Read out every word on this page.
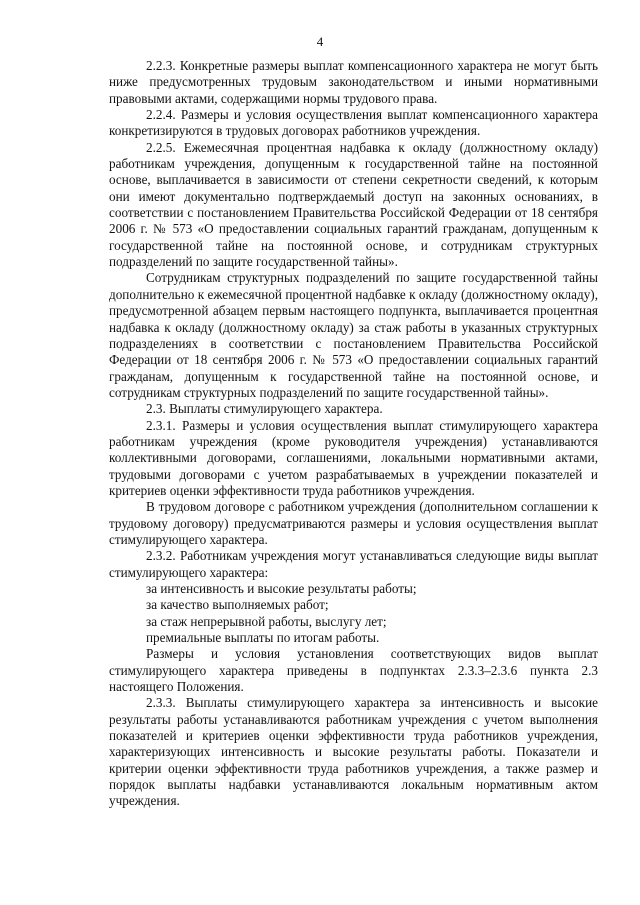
4

2.2.3. Конкретные размеры выплат компенсационного характера не могут быть ниже предусмотренных трудовым законодательством и иными нормативными правовыми актами, содержащими нормы трудового права.

2.2.4. Размеры и условия осуществления выплат компенсационного характера конкретизируются в трудовых договорах работников учреждения.

2.2.5. Ежемесячная процентная надбавка к окладу (должностному окладу) работникам учреждения, допущенным к государственной тайне на постоянной основе, выплачивается в зависимости от степени секретности сведений, к которым они имеют документально подтверждаемый доступ на законных основаниях, в соответствии с постановлением Правительства Российской Федерации от 18 сентября 2006 г. № 573 «О предоставлении социальных гарантий гражданам, допущенным к государственной тайне на постоянной основе, и сотрудникам структурных подразделений по защите государственной тайны».

Сотрудникам структурных подразделений по защите государственной тайны дополнительно к ежемесячной процентной надбавке к окладу (должностному окладу), предусмотренной абзацем первым настоящего подпункта, выплачивается процентная надбавка к окладу (должностному окладу) за стаж работы в указанных структурных подразделениях в соответствии с постановлением Правительства Российской Федерации от 18 сентября 2006 г. № 573 «О предоставлении социальных гарантий гражданам, допущенным к государственной тайне на постоянной основе, и сотрудникам структурных подразделений по защите государственной тайны».

2.3. Выплаты стимулирующего характера.

2.3.1. Размеры и условия осуществления выплат стимулирующего характера работникам учреждения (кроме руководителя учреждения) устанавливаются коллективными договорами, соглашениями, локальными нормативными актами, трудовыми договорами с учетом разрабатываемых в учреждении показателей и критериев оценки эффективности труда работников учреждения.

В трудовом договоре с работником учреждения (дополнительном соглашении к трудовому договору) предусматриваются размеры и условия осуществления выплат стимулирующего характера.

2.3.2. Работникам учреждения могут устанавливаться следующие виды выплат стимулирующего характера:

за интенсивность и высокие результаты работы;

за качество выполняемых работ;

за стаж непрерывной работы, выслугу лет;

премиальные выплаты по итогам работы.

Размеры и условия установления соответствующих видов выплат стимулирующего характера приведены в подпунктах 2.3.3–2.3.6 пункта 2.3 настоящего Положения.

2.3.3. Выплаты стимулирующего характера за интенсивность и высокие результаты работы устанавливаются работникам учреждения с учетом выполнения показателей и критериев оценки эффективности труда работников учреждения, характеризующих интенсивность и высокие результаты работы. Показатели и критерии оценки эффективности труда работников учреждения, а также размер и порядок выплаты надбавки устанавливаются локальным нормативным актом учреждения.
